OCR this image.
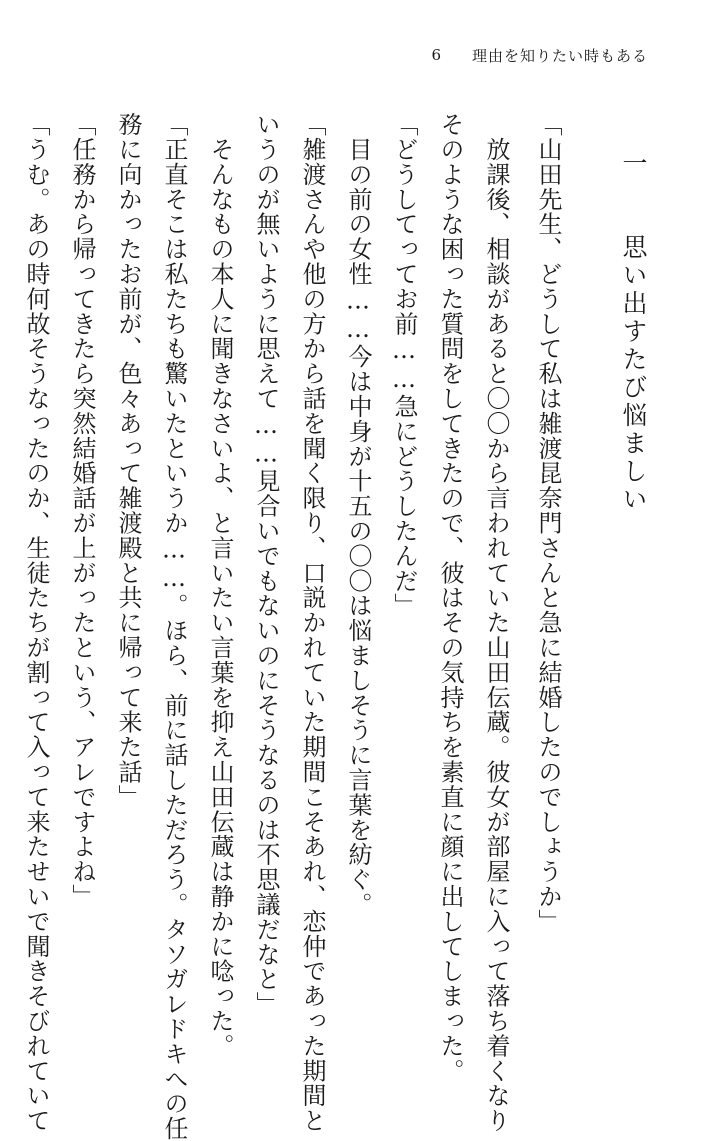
6 理由を知りたい時もある
一 思い出すたび悩ましい
「山田先生、どうして私は雑渡昆奈門さんと急に結婚したのでしょうか」
　放課後、相談があると〇〇から言われていた山田伝蔵。彼女が部屋に入って落ち着くなり
そのような困った質問をしてきたので、彼はその気持ちを素直に顔に出してしまった。
「どうしてってお前……急にどうしたんだ」
　目の前の女性……今は中身が十五の〇〇は悩ましそうに言葉を紡ぐ。
「雑渡さんや他の方から話を聞く限り、口説かれていた期間こそあれ、恋仲であった期間と
いうのが無いように思えて……見合いでもないのにそうなるのは不思議だなと」
　そんなもの本人に聞きなさいよ、と言いたい言葉を抑え山田伝蔵は静かに唸った。
「正直そこは私たちも驚いたというか……。ほら、前に話しただろう。タソガレドキへの任
務に向かったお前が、色々あって雑渡殿と共に帰って来た話」
「任務から帰ってきたら突然結婚話が上がったという、アレですよね」
「うむ。あの時何故そうなったのか、生徒たちが割って入って来たせいで聞きそびれていて
